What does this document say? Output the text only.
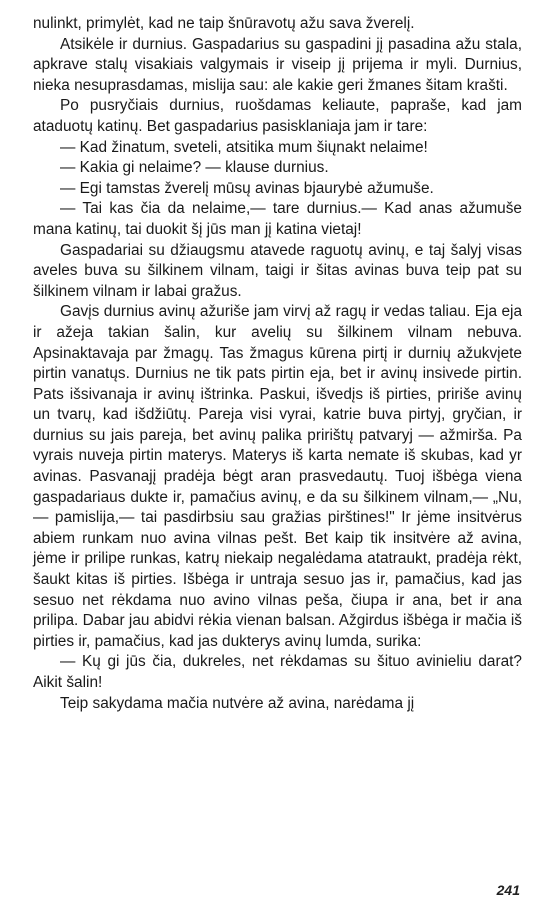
nulinkt, primylėt, kad ne taip šnūravotų ažu sava žverelį.

Atsikėle ir durnius. Gaspadarius su gaspadini jį pasadina ažu stala, apkrave stalų visakiais valgymais ir viseip jį prijema ir myli. Durnius, nieka nesuprasdamas, mislija sau: ale kakie geri žmanes šitam krašti.

Po pusryčiais durnius, ruošdamas keliaute, papraše, kad jam ataduotų katinų. Bet gaspadarius pasisklaniaja jam ir tare:

— Kad žinatum, sveteli, atsitika mum šiųnakt nelaime!

— Kakia gi nelaime? — klause durnius.

— Egi tamstas žverelį mūsų avinas bjaurybė ažumuše.

— Tai kas čia da nelaime,— tare durnius.— Kad anas ažumuše mana katinų, tai duokit šį jūs man jį katina vietaj!

Gaspadariai su džiaugsmu atavede raguotų avinų, e taj šalyj visas aveles buva su šilkinem vilnam, taigi ir šitas avinas buva teip pat su šilkinem vilnam ir labai gražus.

Gavįs durnius avinų ažuriše jam virvį až ragų ir vedas taliau. Eja eja ir ažeja takian šalin, kur avelių su šilkinem vilnam nebuva. Apsinaktavaja par žmagų. Tas žmagus kūrena pirtį ir durnių ažukvįete pirtin vanatųs. Durnius ne tik pats pirtin eja, bet ir avinų insivede pirtin. Pats išsivanaja ir avinų ištrinka. Paskui, išvedįs iš pirties, pririše avinų un tvarų, kad išdžiūtų. Pareja visi vyrai, katrie buva pirtyj, gryčian, ir durnius su jais pareja, bet avinų palika pririštų patvaryj — ažmirša. Pa vyrais nuveja pirtin materys. Materys iš karta nemate iš skubas, kad yr avinas. Pasvanajį pradėja bėgt aran prasvedautų. Tuoj išbėga viena gaspadariaus dukte ir, pamačius avinų, e da su šilkinem vilnam,— „Nu,— pamislija,— tai pasdirbsiu sau gražias pirštines!" Ir jėme insitvėrus abiem runkam nuo avina vilnas pešt. Bet kaip tik insitvėre až avina, jėme ir prilipe runkas, katrų niekaip negalėdama atatraukt, pradėja rėkt, šaukt kitas iš pirties. Išbėga ir untraja sesuo jas ir, pamačius, kad jas sesuo net rėkdama nuo avino vilnas peša, čiupa ir ana, bet ir ana prilipa. Dabar jau abidvi rėkia vienan balsan. Ažgirdus išbėga ir mačia iš pirties ir, pamačius, kad jas dukterys avinų lumda, surika:

— Kų gi jūs čia, dukreles, net rėkdamas su šituo avinieliu darat? Aikit šalin!

Teip sakydama mačia nutvėre až avina, narėdama jį

241
